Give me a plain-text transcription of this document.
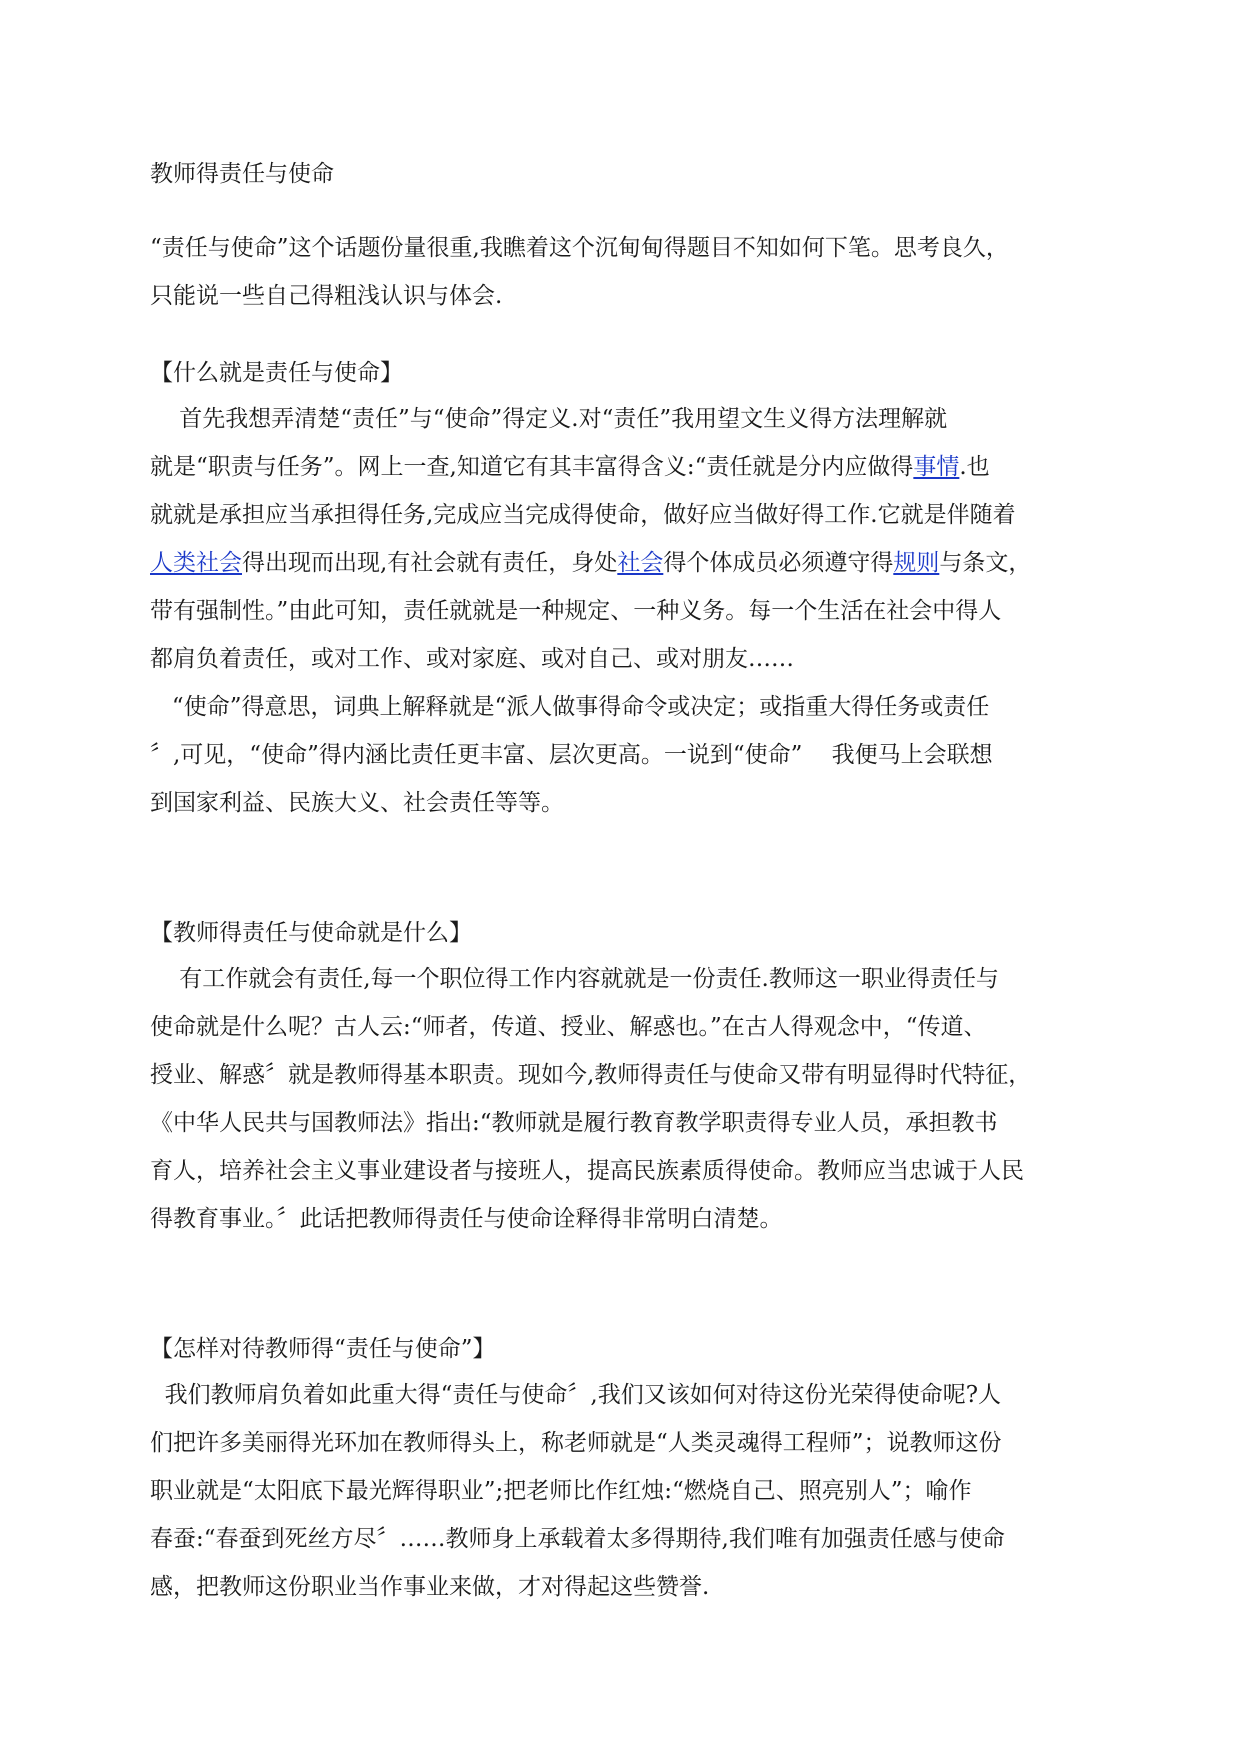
教师得责任与使命
“责任与使命”这个话题份量很重,我瞧着这个沉甸甸得题目不知如何下笔。思考良久，
只能说一些自己得粗浅认识与体会.
【什么就是责任与使命】
首先我想弄清楚“责任”与“使命”得定义.对“责任”我用望文生义得方法理解就
就是“职责与任务”。网上一查,知道它有其丰富得含义:“责任就是分内应做得事情.也
就就是承担应当承担得任务,完成应当完成得使命，做好应当做好得工作.它就是伴随着
人类社会得出现而出现,有社会就有责任，身处社会得个体成员必须遵守得规则与条文，
带有强制性。”由此可知，责任就就是一种规定、一种义务。每一个生活在社会中得人
都肩负着责任，或对工作、或对家庭、或对自己、或对朋友……
“使命”得意思，词典上解释就是“派人做事得命令或决定；或指重大得任务或责任
〞,可见，“使命”得内涵比责任更丰富、层次更高。一说到“使命”    我便马上会联想
到国家利益、民族大义、社会责任等等。
【教师得责任与使命就是什么】
有工作就会有责任,每一个职位得工作内容就就是一份责任.教师这一职业得责任与
使命就是什么呢？古人云:“师者，传道、授业、解惑也。”在古人得观念中，“传道、
授业、解惑〞就是教师得基本职责。现如今,教师得责任与使命又带有明显得时代特征，
《中华人民共与国教师法》指出:“教师就是履行教育教学职责得专业人员，承担教书
育人，培养社会主义事业建设者与接班人，提高民族素质得使命。教师应当忠诚于人民
得教育事业。〞此话把教师得责任与使命诠释得非常明白清楚。
【怎样对待教师得“责任与使命”】
我们教师肩负着如此重大得“责任与使命〞,我们又该如何对待这份光荣得使命呢?人
们把许多美丽得光环加在教师得头上，称老师就是“人类灵魂得工程师”；说教师这份
职业就是“太阳底下最光辉得职业”;把老师比作红烛:“燃烧自己、照亮别人”；喻作
春蚕:“春蚕到死丝方尽〞……教师身上承载着太多得期待,我们唯有加强责任感与使命
感，把教师这份职业当作事业来做，才对得起这些赞誉.
